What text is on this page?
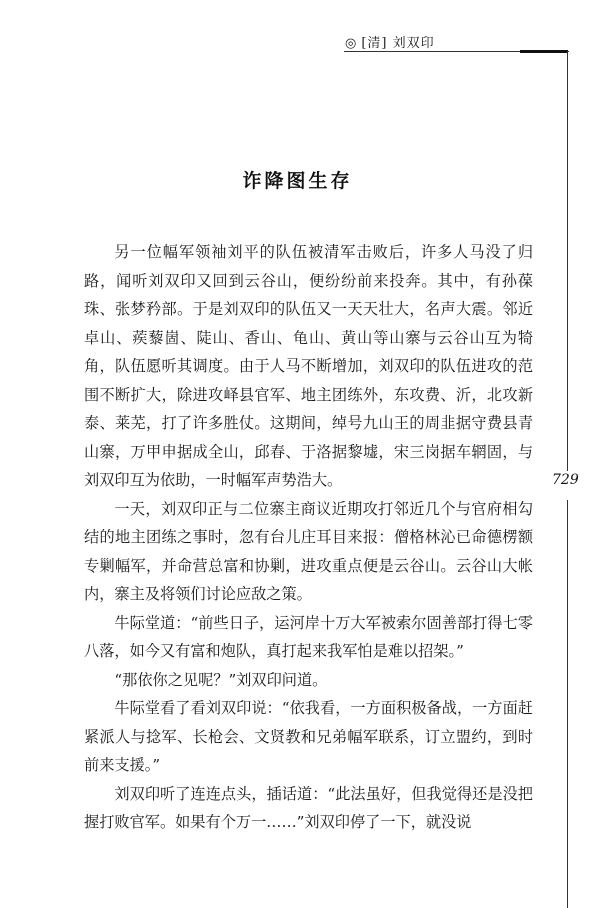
◎ [清] 刘双印
729
诈降图生存

另一位幅军领袖刘平的队伍被清军击败后，许多人马没了归路，闻听刘双印又回到云谷山，便纷纷前来投奔。其中，有孙葆珠、张梦矜部。于是刘双印的队伍又一天天壮大，名声大震。邻近卓山、蒺藜崮、陡山、香山、龟山、黄山等山寨与云谷山互为犄角，队伍愿听其调度。由于人马不断增加，刘双印的队伍进攻的范围不断扩大，除进攻峄县官军、地主团练外，东攻费、沂，北攻新泰、莱芜，打了许多胜仗。这期间，绰号九山王的周韭据守费县青山寨，万甲申据成全山，邱春、于洛据黎墟，宋三岗据车辋固，与刘双印互为依助，一时幅军声势浩大。

一天，刘双印正与二位寨主商议近期攻打邻近几个与官府相勾结的地主团练之事时，忽有台儿庄耳目来报：僧格林沁已命德楞额专剿幅军，并命营总富和协剿，进攻重点便是云谷山。云谷山大帐内，寨主及将领们讨论应敌之策。

牛际堂道：“前些日子，运河岸十万大军被索尔固善部打得七零八落，如今又有富和炮队，真打起来我军怕是难以招架。”

“那依你之见呢？”刘双印问道。

牛际堂看了看刘双印说：“依我看，一方面积极备战，一方面赶紧派人与捻军、长枪会、文贤教和兄弟幅军联系，订立盟约，到时前来支援。”

刘双印听了连连点头，插话道：“此法虽好，但我觉得还是没把握打败官军。如果有个万一……”刘双印停了一下，就没说
